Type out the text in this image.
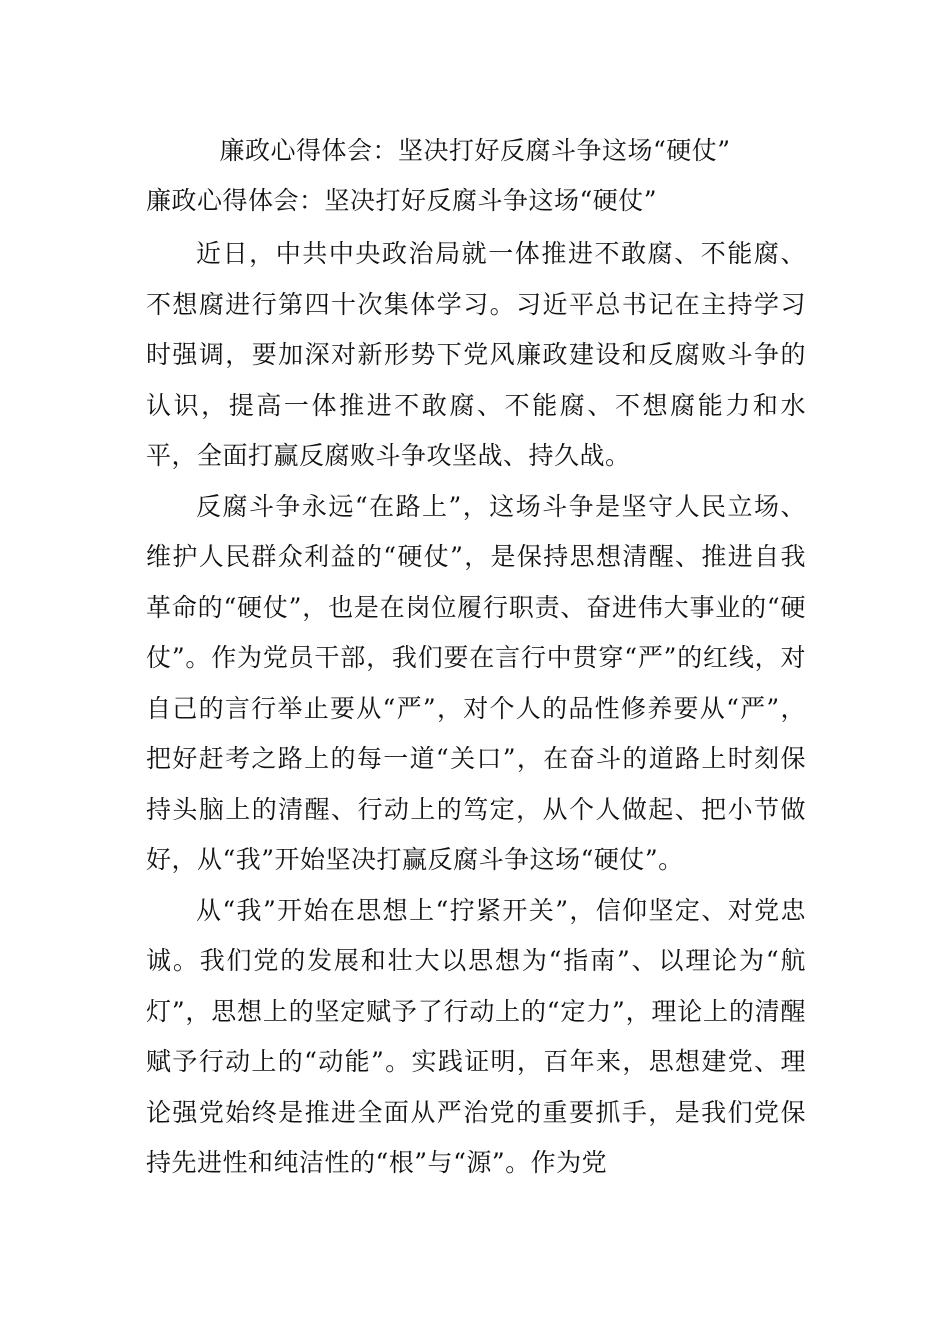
廉政心得体会：坚决打好反腐斗争这场“硬仗”
廉政心得体会：坚决打好反腐斗争这场“硬仗”

近日，中共中央政治局就一体推进不敢腐、不能腐、不想腐进行第四十次集体学习。习近平总书记在主持学习时强调，要加深对新形势下党风廉政建设和反腐败斗争的认识，提高一体推进不敢腐、不能腐、不想腐能力和水平，全面打赢反腐败斗争攻坚战、持久战。

反腐斗争永远“在路上”，这场斗争是坚守人民立场、维护人民群众利益的“硬仗”，是保持思想清醒、推进自我革命的“硬仗”，也是在岗位履行职责、奋进伟大事业的“硬仗”。作为党员干部，我们要在言行中贯穿“严”的红线，对自己的言行举止要从“严”，对个人的品性修养要从“严”，把好赶考之路上的每一道“关口”，在奋斗的道路上时刻保持头脑上的清醒、行动上的笃定，从个人做起、把小节做好，从“我”开始坚决打赢反腐斗争这场“硬仗”。

从“我”开始在思想上“拧紧开关”，信仰坚定、对党忠诚。我们党的发展和壮大以思想为“指南”、以理论为“航灯”，思想上的坚定赋予了行动上的“定力”，理论上的清醒赋予行动上的“动能”。实践证明，百年来，思想建党、理论强党始终是推进全面从严治党的重要抓手，是我们党保持先进性和纯洁性的“根”与“源”。作为党
